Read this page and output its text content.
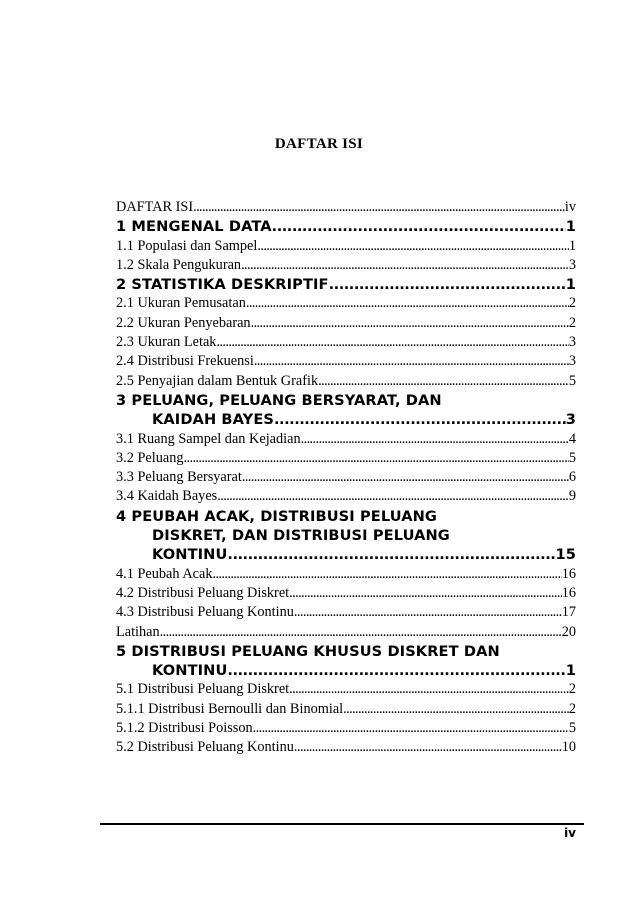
DAFTAR ISI
DAFTAR ISI .....	iv
1 MENGENAL DATA .....	1
1.1 Populasi dan Sampel .....	1
1.2 Skala Pengukuran .....	3
2 STATISTIKA DESKRIPTIF .....	1
2.1 Ukuran Pemusatan .....	2
2.2 Ukuran Penyebaran .....	2
2.3 Ukuran Letak .....	3
2.4 Distribusi Frekuensi .....	3
2.5 Penyajian dalam Bentuk Grafik .....	5
3 PELUANG, PELUANG BERSYARAT, DAN
KAIDAH BAYES .....	3
3.1 Ruang Sampel dan Kejadian .....	4
3.2 Peluang .....	5
3.3 Peluang Bersyarat .....	6
3.4 Kaidah Bayes .....	9
4 PEUBAH ACAK, DISTRIBUSI PELUANG
DISKRET, DAN DISTRIBUSI PELUANG
KONTINU .....	15
4.1 Peubah Acak .....	16
4.2 Distribusi Peluang Diskret .....	16
4.3 Distribusi Peluang Kontinu .....	17
Latihan .....	20
5 DISTRIBUSI PELUANG KHUSUS DISKRET DAN
KONTINU .....	1
5.1 Distribusi Peluang Diskret .....	2
5.1.1 Distribusi Bernoulli dan Binomial .....	2
5.1.2 Distribusi Poisson .....	5
5.2 Distribusi Peluang Kontinu .....	10
iv
